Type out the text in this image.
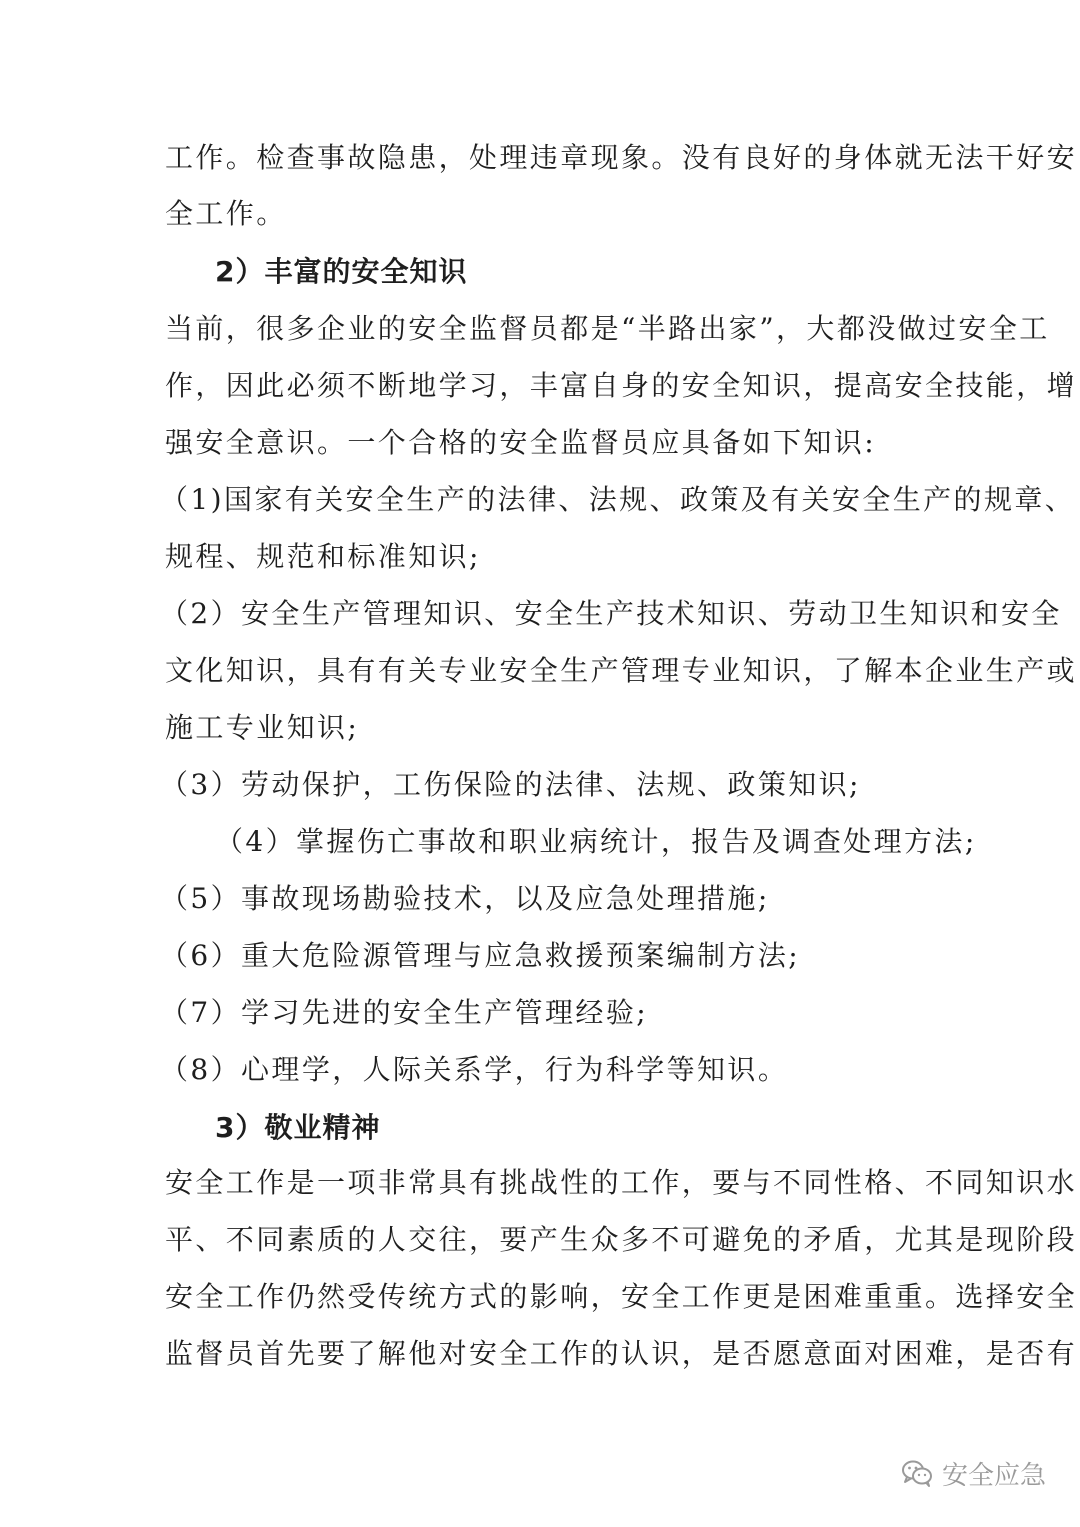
工作。检查事故隐患，处理违章现象。没有良好的身体就无法干好安
全工作。
2）丰富的安全知识
当前，很多企业的安全监督员都是“半路出家”，大都没做过安全工
作，因此必须不断地学习，丰富自身的安全知识，提高安全技能，增
强安全意识。一个合格的安全监督员应具备如下知识:
（1)国家有关安全生产的法律、法规、政策及有关安全生产的规章、
规程、规范和标准知识;
（2）安全生产管理知识、安全生产技术知识、劳动卫生知识和安全
文化知识，具有有关专业安全生产管理专业知识，了解本企业生产或
施工专业知识;
（3）劳动保护，工伤保险的法律、法规、政策知识;
（4）掌握伤亡事故和职业病统计，报告及调查处理方法;
（5）事故现场勘验技术，以及应急处理措施;
（6）重大危险源管理与应急救援预案编制方法;
（7）学习先进的安全生产管理经验;
（8）心理学，人际关系学，行为科学等知识。
3）敬业精神
安全工作是一项非常具有挑战性的工作，要与不同性格、不同知识水
平、不同素质的人交往，要产生众多不可避免的矛盾，尤其是现阶段
安全工作仍然受传统方式的影响，安全工作更是困难重重。选择安全
监督员首先要了解他对安全工作的认识，是否愿意面对困难，是否有
安全应急
